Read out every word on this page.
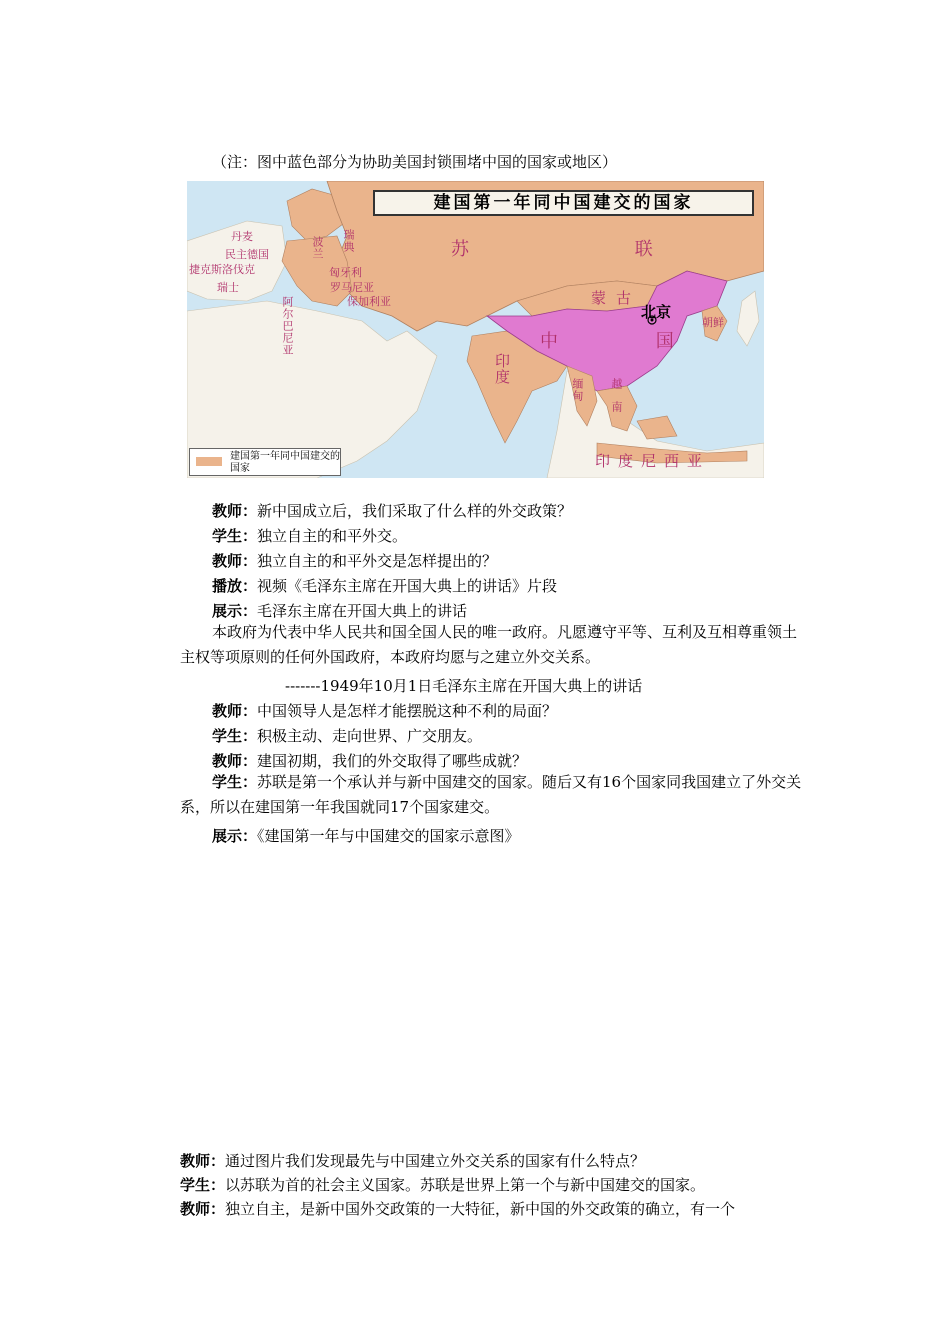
（注：图中蓝色部分为协助美国封锁围堵中国的国家或地区）
建国第一年同中国建交的国家
瑞典
丹麦
民主德国
捷克斯洛伐克
瑞士
波兰
匈牙利
罗马尼亚
保加利亚
阿尔巴尼亚
苏 联
蒙古
北京
朝鲜
中 国
印度
缅甸 越南
印度尼西亚
建国第一年同中国建交的国家
教师：新中国成立后，我们采取了什么样的外交政策？
学生：独立自主的和平外交。
教师：独立自主的和平外交是怎样提出的？
播放：视频《毛泽东主席在开国大典上的讲话》片段
展示：毛泽东主席在开国大典上的讲话
本政府为代表中华人民共和国全国人民的唯一政府。凡愿遵守平等、互利及互相尊重领土主权等项原则的任何外国政府，本政府均愿与之建立外交关系。
-------1949年10月1日毛泽东主席在开国大典上的讲话
教师：中国领导人是怎样才能摆脱这种不利的局面？
学生：积极主动、走向世界、广交朋友。
教师：建国初期，我们的外交取得了哪些成就？
学生：苏联是第一个承认并与新中国建交的国家。随后又有16个国家同我国建立了外交关系，所以在建国第一年我国就同17个国家建交。
展示：《建国第一年与中国建交的国家示意图》
教师：通过图片我们发现最先与中国建立外交关系的国家有什么特点？
学生：以苏联为首的社会主义国家。苏联是世界上第一个与新中国建交的国家。
教师：独立自主，是新中国外交政策的一大特征，新中国的外交政策的确立，有一个
